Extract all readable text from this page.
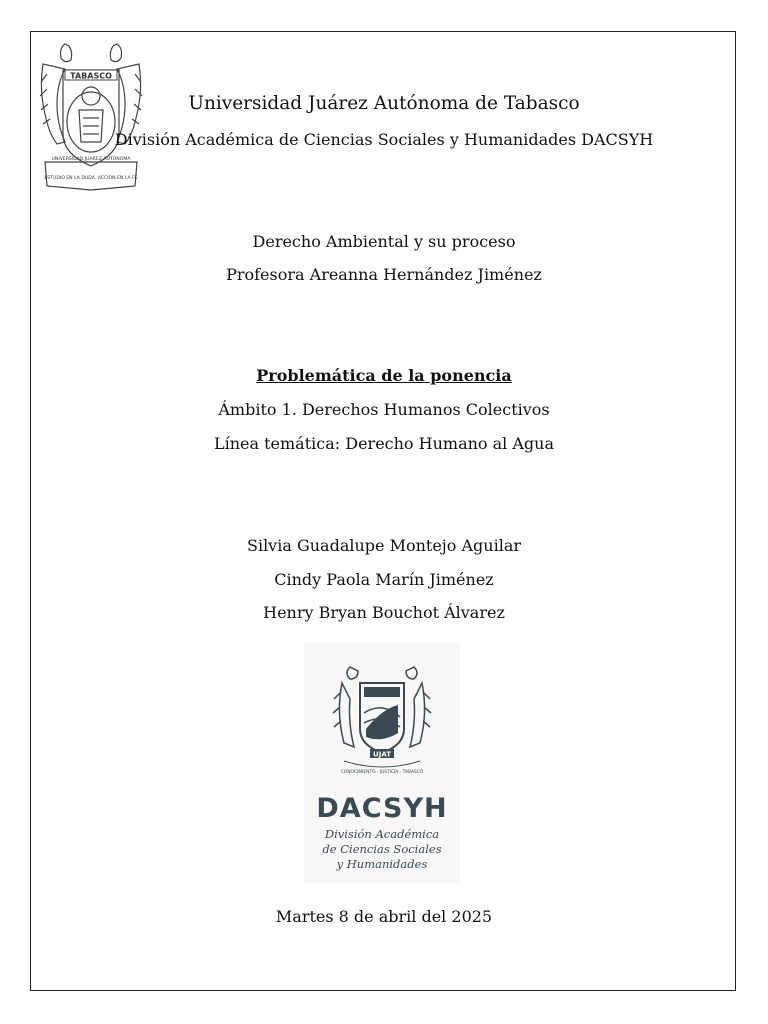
TABASCO
UNIVERSIDAD JUAREZ AUTONOMA
ESTUDIO EN LA DUDA. ACCIÓN EN LA FE
Universidad Juárez Autónoma de Tabasco
División Académica de Ciencias Sociales y Humanidades DACSYH
Derecho Ambiental y su proceso
Profesora Areanna Hernández Jiménez
Problemática de la ponencia
Ámbito 1. Derechos Humanos Colectivos
Línea temática: Derecho Humano al Agua
Silvia Guadalupe Montejo Aguilar
Cindy Paola Marín Jiménez
Henry Bryan Bouchot Álvarez
UJAT
CONOCIMIENTO · JUSTICIA · TABASCO
DACSYH
División Académica
de Ciencias Sociales
y Humanidades
Martes 8 de abril del 2025
